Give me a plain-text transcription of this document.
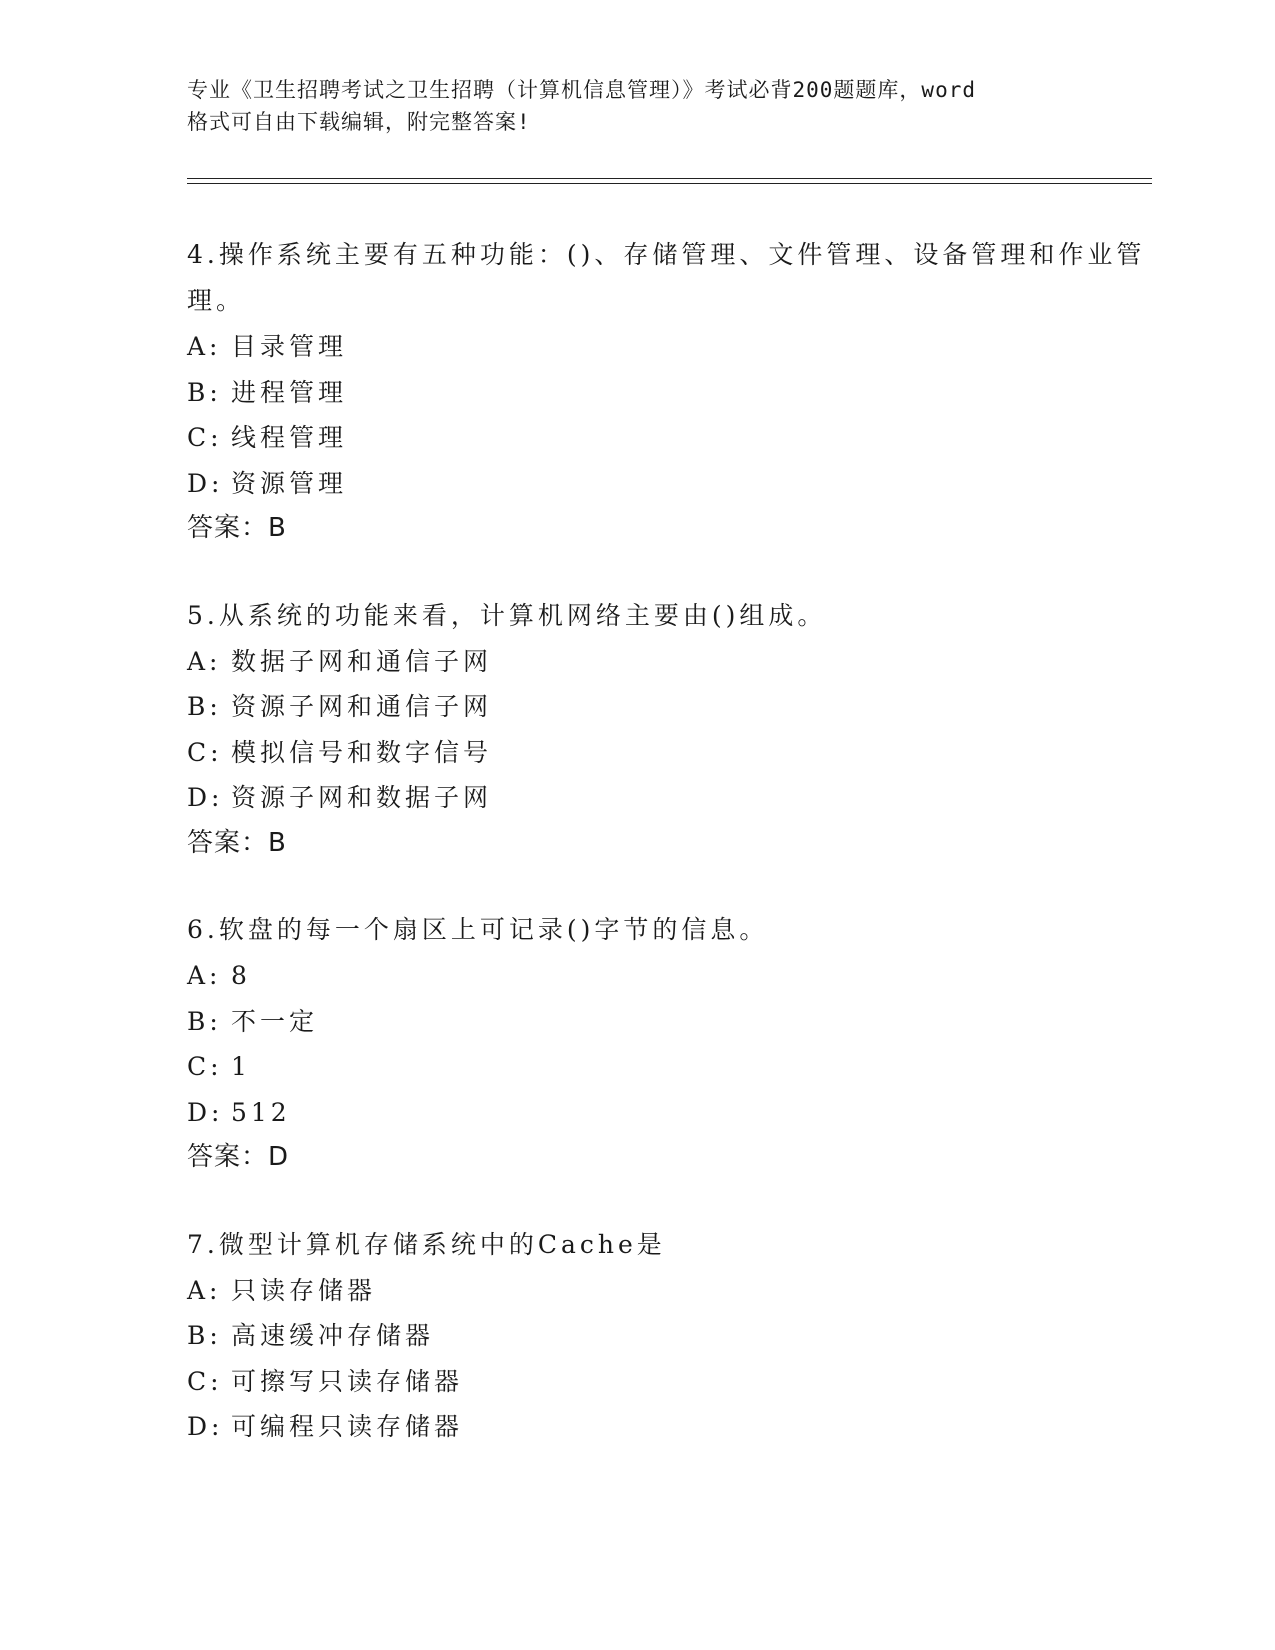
专业《卫生招聘考试之卫生招聘（计算机信息管理）》考试必背200题题库，word
格式可自由下载编辑，附完整答案!

4.操作系统主要有五种功能：()、存储管理、文件管理、设备管理和作业管理。

A: 目录管理

B: 进程管理

C: 线程管理

D: 资源管理

答案：B

5.从系统的功能来看，计算机网络主要由()组成。

A: 数据子网和通信子网

B: 资源子网和通信子网

C: 模拟信号和数字信号

D: 资源子网和数据子网

答案：B

6.软盘的每一个扇区上可记录()字节的信息。

A: 8

B: 不一定

C: 1

D: 512

答案：D

7.微型计算机存储系统中的Cache是

A: 只读存储器

B: 高速缓冲存储器

C: 可擦写只读存储器

D: 可编程只读存储器
